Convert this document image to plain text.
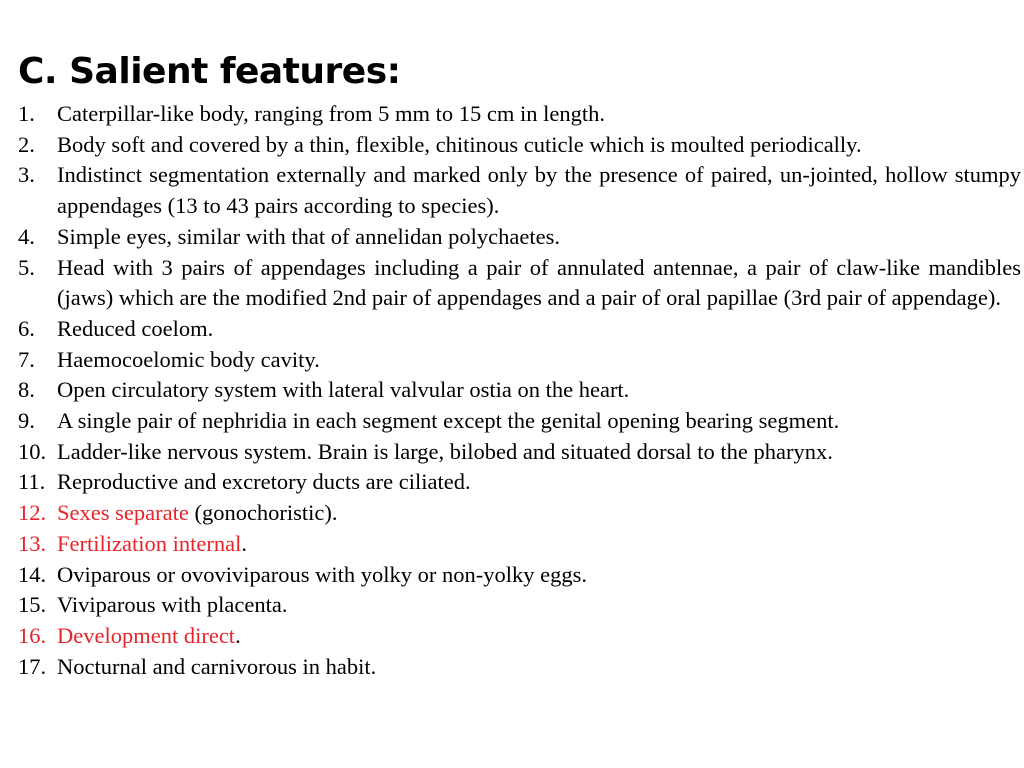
C. Salient features:
1. Caterpillar-like body, ranging from 5 mm to 15 cm in length.
2. Body soft and covered by a thin, flexible, chitinous cuticle which is moulted periodically.
3. Indistinct segmentation externally and marked only by the presence of paired, un-jointed, hollow stumpy appendages (13 to 43 pairs according to species).
4. Simple eyes, similar with that of annelidan polychaetes.
5. Head with 3 pairs of appendages including a pair of annulated antennae, a pair of claw-like mandibles (jaws) which are the modified 2nd pair of appendages and a pair of oral papillae (3rd pair of appendage).
6. Reduced coelom.
7. Haemocoelomic body cavity.
8. Open circulatory system with lateral valvular ostia on the heart.
9. A single pair of nephridia in each segment except the genital opening bearing segment.
10. Ladder-like nervous system. Brain is large, bilobed and situated dorsal to the pharynx.
11. Reproductive and excretory ducts are ciliated.
12. Sexes separate (gonochoristic).
13. Fertilization internal.
14. Oviparous or ovoviviparous with yolky or non-yolky eggs.
15. Viviparous with placenta.
16. Development direct.
17. Nocturnal and carnivorous in habit.
